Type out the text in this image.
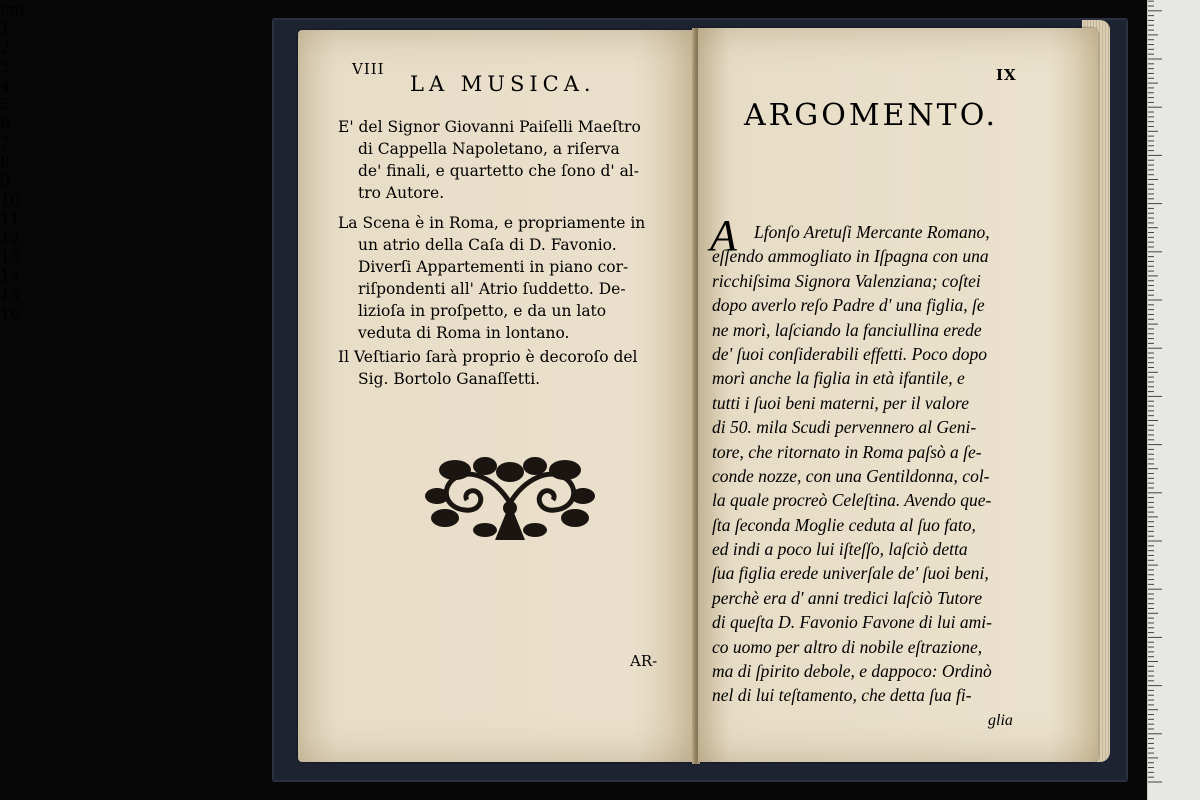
VIII
LA MUSICA.
E' del Signor Giovanni Paiſelli Maeſtro
di Cappella Napoletano, a riſerva
de' finali, e quartetto che ſono d' al-
tro Autore.
La Scena è in Roma, e propriamente in
un atrio della Caſa di D. Favonio.
Diverſi Appartementi in piano cor-
riſpondenti all' Atrio ſuddetto. De-
lizioſa in proſpetto, e da un lato
veduta di Roma in lontano.
Il Veſtiario ſarà proprio è decoroſo del
Sig. Bortolo Ganaſſetti.
AR-
IX
ARGOMENTO.
A Lfonſo Aretuſi Mercante Romano,
eſſendo ammogliato in Iſpagna con una
ricchiſsima Signora Valenziana; coſtei
dopo averlo reſo Padre d' una figlia, ſe
ne morì, laſciando la fanciullina erede
de' ſuoi conſiderabili effetti. Poco dopo
morì anche la figlia in età ifantile, e
tutti i ſuoi beni materni, per il valore
di 50. mila Scudi pervennero al Geni-
tore, che ritornato in Roma paſsò a ſe-
conde nozze, con una Gentildonna, col-
la quale procreò Celeſtina. Avendo que-
ſta ſeconda Moglie ceduta al ſuo fato,
ed indi a poco lui iſteſſo, laſciò detta
ſua figlia erede univerſale de' ſuoi beni,
perchè era d' anni tredici laſciò Tutore
di queſta D. Favonio Favone di lui ami-
co uomo per altro di nobile eſtrazione,
ma di ſpirito debole, e dappoco: Ordinò
nel di lui teſtamento, che detta ſua fi-
glia
cm
1
2
3
4
5
6
7
8
9
10
11
12
13
14
15
16
